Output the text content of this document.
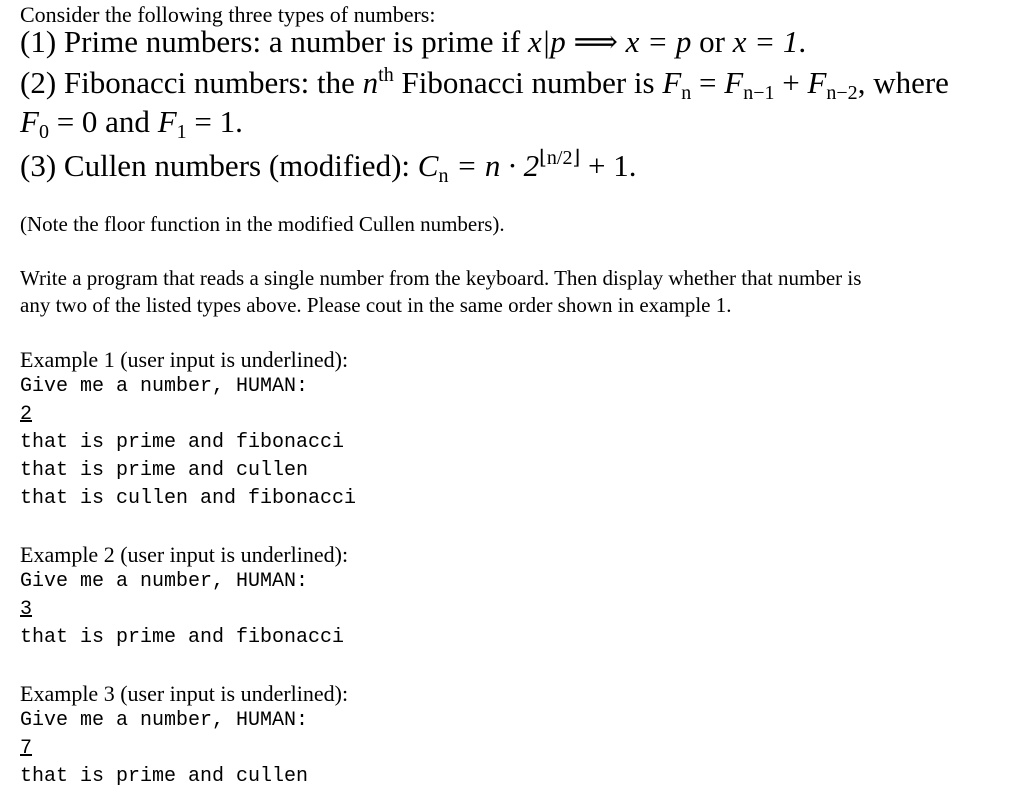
Consider the following three types of numbers:
(1) Prime numbers: a number is prime if x|p ⟹ x = p or x = 1.
(2) Fibonacci numbers: the $n^{th}$ Fibonacci number is $F_n = F_{n-1} + F_{n-2}$, where
$F_0 = 0$ and $F_1 = 1$.
(3) Cullen numbers (modified): $C_n = n \cdot 2^{⌊n/2⌋} + 1$.
(Note the floor function in the modified Cullen numbers).
Write a program that reads a single number from the keyboard. Then display whether that number is
any two of the listed types above. Please cout in the same order shown in example 1.
Example 1 (user input is underlined):
Give me a number, HUMAN:
2
that is prime and fibonacci
that is prime and cullen
that is cullen and fibonacci
Example 2 (user input is underlined):
Give me a number, HUMAN:
3
that is prime and fibonacci
Example 3 (user input is underlined):
Give me a number, HUMAN:
7
that is prime and cullen
